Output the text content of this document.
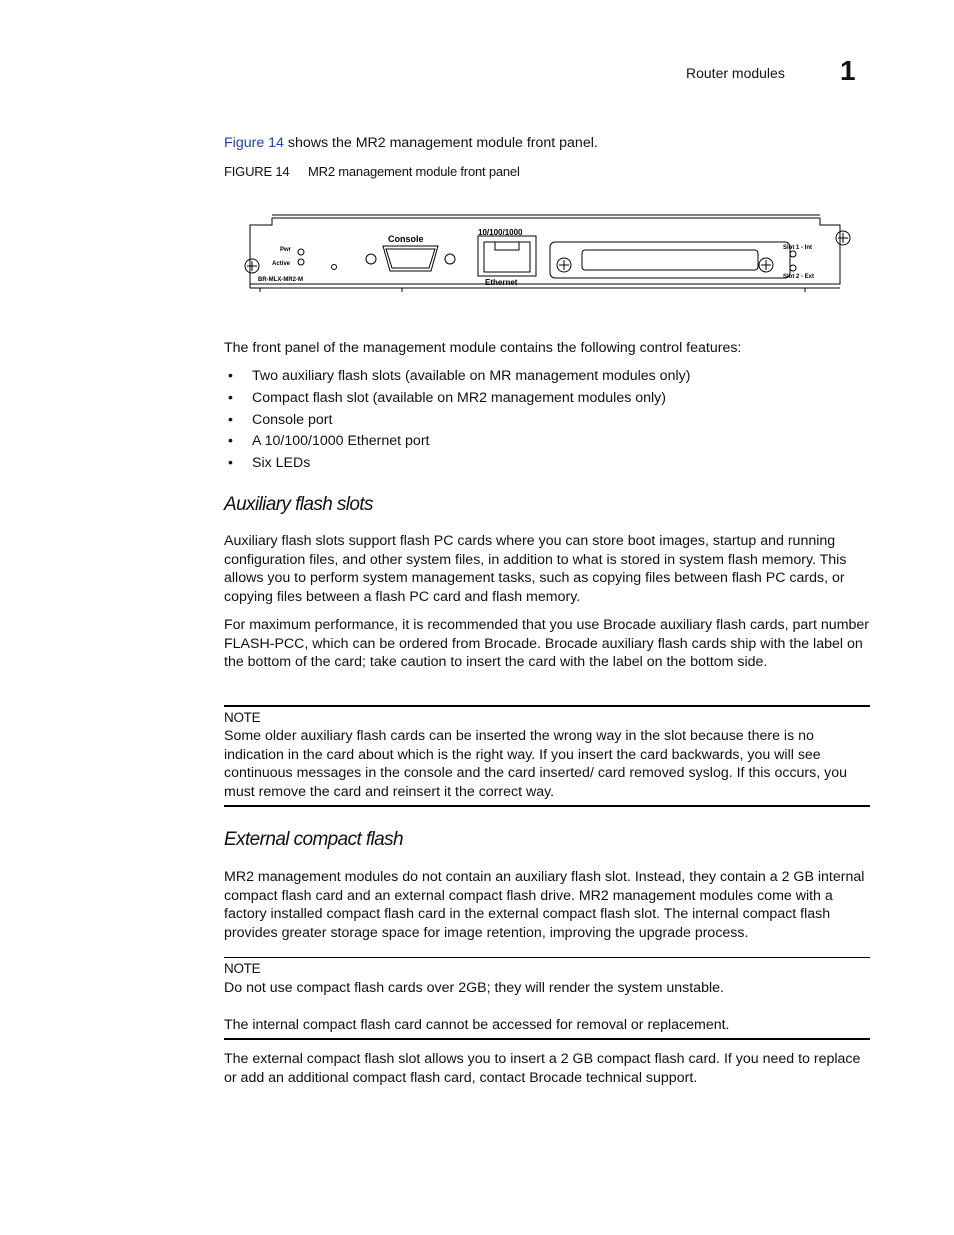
Router modules 1
Figure 14 shows the MR2 management module front panel.
FIGURE 14 MR2 management module front panel
Pwr
Active
BR-MLX-MR2-M
Console
10/100/1000
Ethernet
Slot 1 - Int
Slot 2 - Ext

The front panel of the management module contains the following control features:

• Two auxiliary flash slots (available on MR management modules only)
• Compact flash slot (available on MR2 management modules only)
• Console port
• A 10/100/1000 Ethernet port
• Six LEDs
Auxiliary flash slots

Auxiliary flash slots support flash PC cards where you can store boot images, startup and running configuration files, and other system files, in addition to what is stored in system flash memory. This allows you to perform system management tasks, such as copying files between flash PC cards, or copying files between a flash PC card and flash memory.

For maximum performance, it is recommended that you use Brocade auxiliary flash cards, part number FLASH-PCC, which can be ordered from Brocade. Brocade auxiliary flash cards ship with the label on the bottom of the card; take caution to insert the card with the label on the bottom side.

NOTE

Some older auxiliary flash cards can be inserted the wrong way in the slot because there is no indication in the card about which is the right way. If you insert the card backwards, you will see continuous messages in the console and the card inserted/ card removed syslog. If this occurs, you must remove the card and reinsert it the correct way.

External compact flash

MR2 management modules do not contain an auxiliary flash slot. Instead, they contain a 2 GB internal compact flash card and an external compact flash drive. MR2 management modules come with a factory installed compact flash card in the external compact flash slot. The internal compact flash provides greater storage space for image retention, improving the upgrade process.

NOTE

Do not use compact flash cards over 2GB; they will render the system unstable.

The internal compact flash card cannot be accessed for removal or replacement.

The external compact flash slot allows you to insert a 2 GB compact flash card. If you need to replace or add an additional compact flash card, contact Brocade technical support.
